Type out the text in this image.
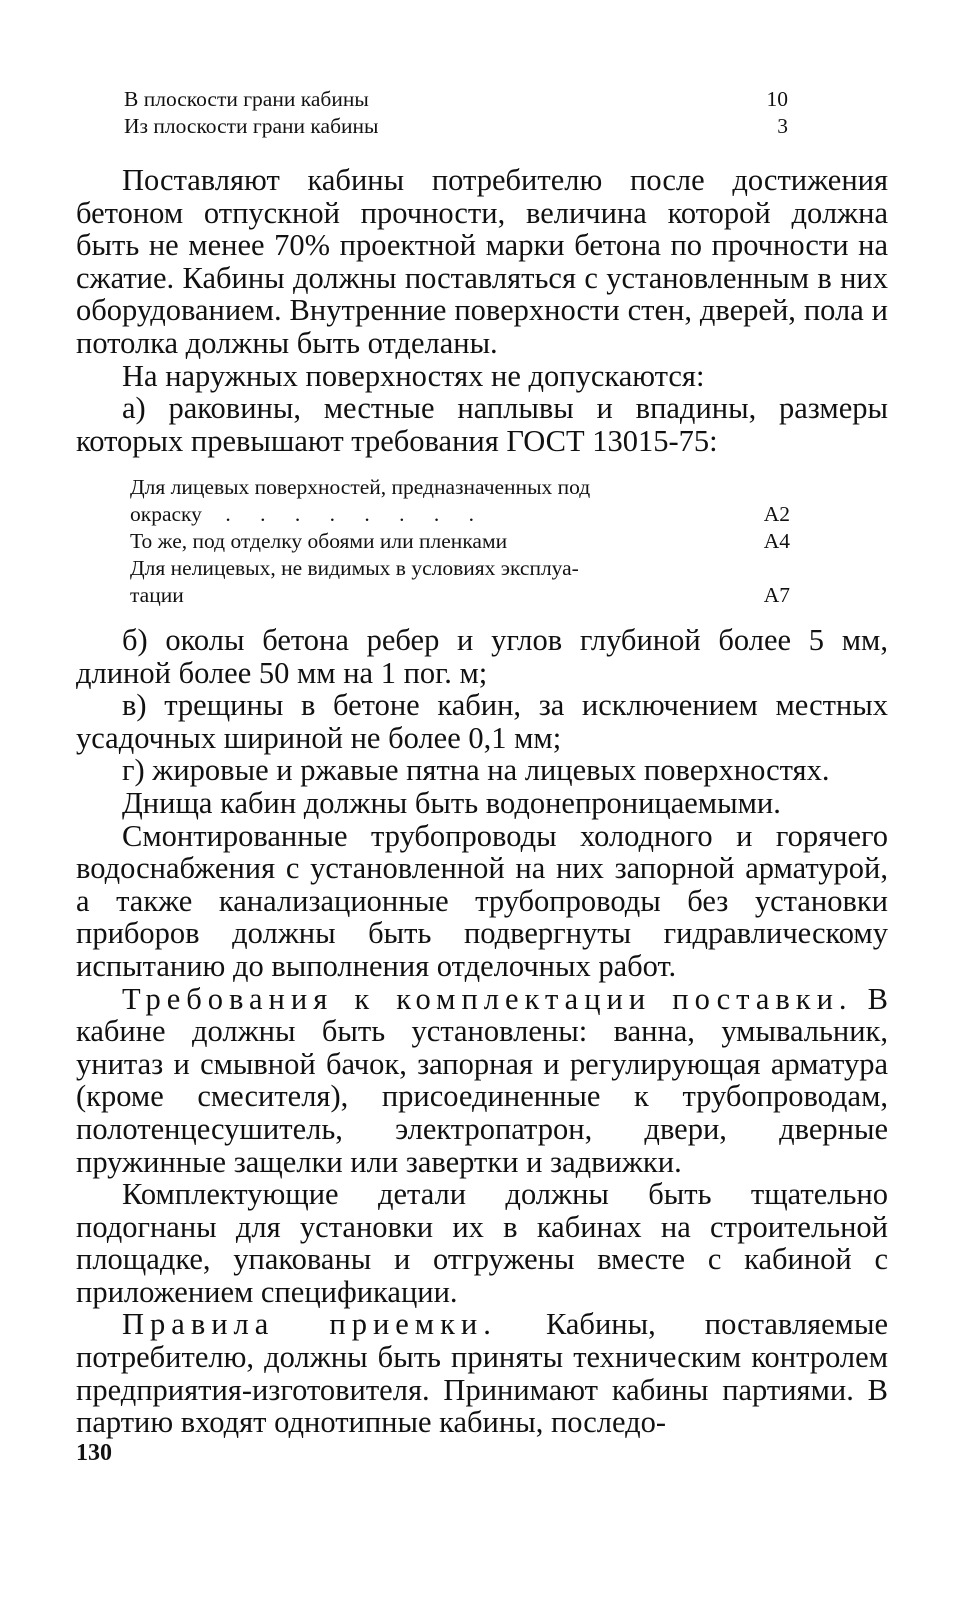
В плоскости грани кабины	10
Из плоскости грани кабины	3

Поставляют кабины потребителю после достижения бетоном отпускной прочности, величина которой должна быть не менее 70% проектной марки бетона по прочности на сжатие. Кабины должны поставляться с установленным в них оборудованием. Внутренние поверхности стен, дверей, пола и потолка должны быть отделаны.

На наружных поверхностях не допускаются:

а) раковины, местные наплывы и впадины, размеры которых превышают требования ГОСТ 13015-75:

Для лицевых поверхностей, предназначенных под
окраску . . . . . . . .	А2
То же, под отделку обоями или пленками	А4
Для нелицевых, не видимых в условиях эксплуа-
тации	А7

б) околы бетона ребер и углов глубиной более 5 мм, длиной более 50 мм на 1 пог. м;

в) трещины в бетоне кабин, за исключением местных усадочных шириной не более 0,1 мм;

г) жировые и ржавые пятна на лицевых поверхностях.

Днища кабин должны быть водонепроницаемыми.

Смонтированные трубопроводы холодного и горячего водоснабжения с установленной на них запорной арматурой, а также канализационные трубопроводы без установки приборов должны быть подвергнуты гидравлическому испытанию до выполнения отделочных работ.

Требования к комплектации поставки. В кабине должны быть установлены: ванна, умывальник, унитаз и смывной бачок, запорная и регулирующая арматура (кроме смесителя), присоединенные к трубопроводам, полотенцесушитель, электропатрон, двери, дверные пружинные защелки или завертки и задвижки.

Комплектующие детали должны быть тщательно подогнаны для установки их в кабинах на строительной площадке, упакованы и отгружены вместе с кабиной с приложением спецификации.

Правила приемки. Кабины, поставляемые потребителю, должны быть приняты техническим контролем предприятия-изготовителя. Принимают кабины партиями. В партию входят однотипные кабины, последо-

130
